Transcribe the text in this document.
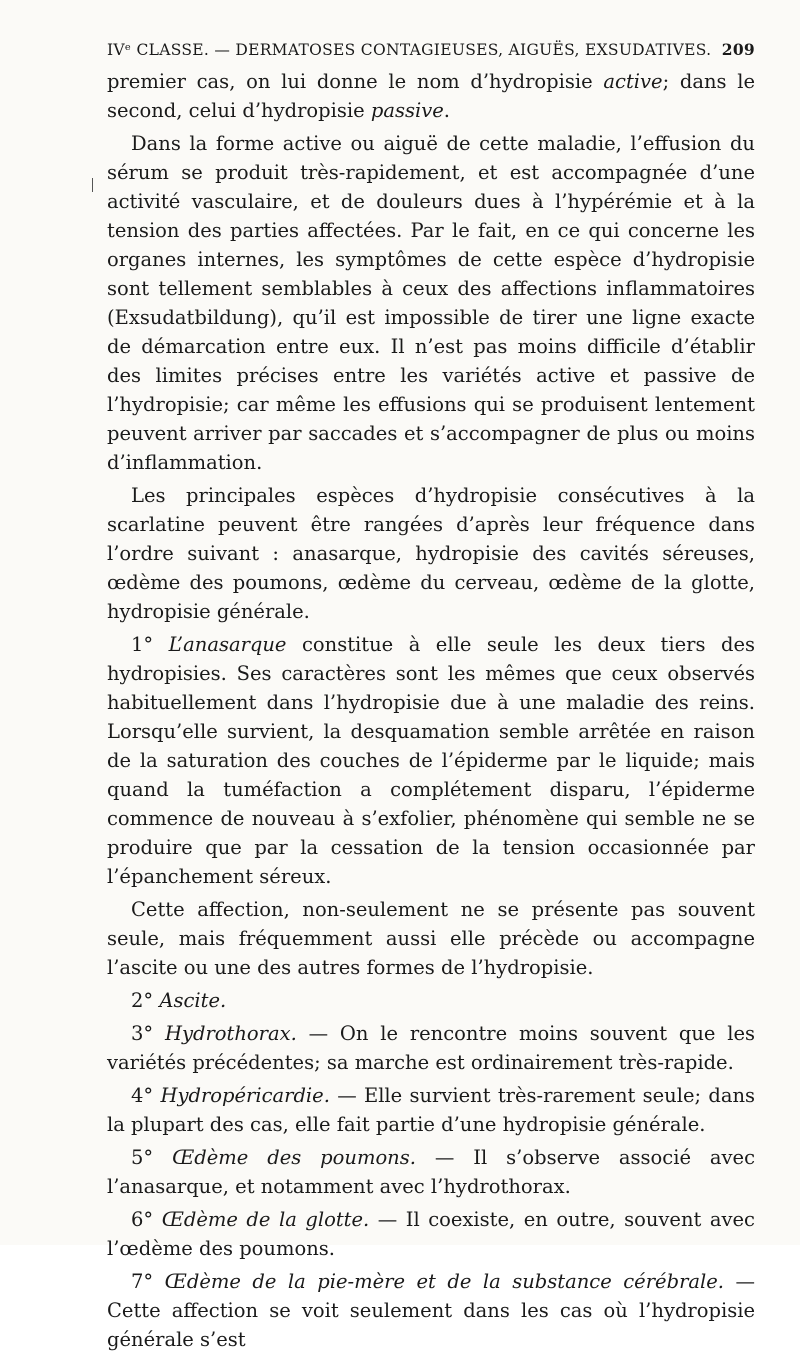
IVᵉ CLASSE. — DERMATOSES CONTAGIEUSES, AIGUËS, EXSUDATIVES. 209

premier cas, on lui donne le nom d’hydropisie active; dans le second, celui d’hydropisie passive.

Dans la forme active ou aiguë de cette maladie, l’effusion du sérum se produit très-rapidement, et est accompagnée d’une activité vasculaire, et de douleurs dues à l’hypérémie et à la tension des parties affectées. Par le fait, en ce qui concerne les organes internes, les symptômes de cette espèce d’hydropisie sont tellement semblables à ceux des affections inflammatoires (Exsudatbildung), qu’il est impossible de tirer une ligne exacte de démarcation entre eux. Il n’est pas moins difficile d’établir des limites précises entre les variétés active et passive de l’hydropisie; car même les effusions qui se produisent lentement peuvent arriver par saccades et s’accompagner de plus ou moins d’inflammation.

Les principales espèces d’hydropisie consécutives à la scarlatine peuvent être rangées d’après leur fréquence dans l’ordre suivant : anasarque, hydropisie des cavités séreuses, œdème des poumons, œdème du cerveau, œdème de la glotte, hydropisie générale.

1° L’anasarque constitue à elle seule les deux tiers des hydropisies. Ses caractères sont les mêmes que ceux observés habituellement dans l’hydropisie due à une maladie des reins. Lorsqu’elle survient, la desquamation semble arrêtée en raison de la saturation des couches de l’épiderme par le liquide; mais quand la tuméfaction a complétement disparu, l’épiderme commence de nouveau à s’exfolier, phénomène qui semble ne se produire que par la cessation de la tension occasionnée par l’épanchement séreux.

Cette affection, non-seulement ne se présente pas souvent seule, mais fréquemment aussi elle précède ou accompagne l’ascite ou une des autres formes de l’hydropisie.

2° Ascite.

3° Hydrothorax. — On le rencontre moins souvent que les variétés précédentes; sa marche est ordinairement très-rapide.

4° Hydropéricardie. — Elle survient très-rarement seule; dans la plupart des cas, elle fait partie d’une hydropisie générale.

5° Œdème des poumons. — Il s’observe associé avec l’anasarque, et notamment avec l’hydrothorax.

6° Œdème de la glotte. — Il coexiste, en outre, souvent avec l’œdème des poumons.

7° Œdème de la pie-mère et de la substance cérébrale. — Cette affection se voit seulement dans les cas où l’hydropisie générale s’est
